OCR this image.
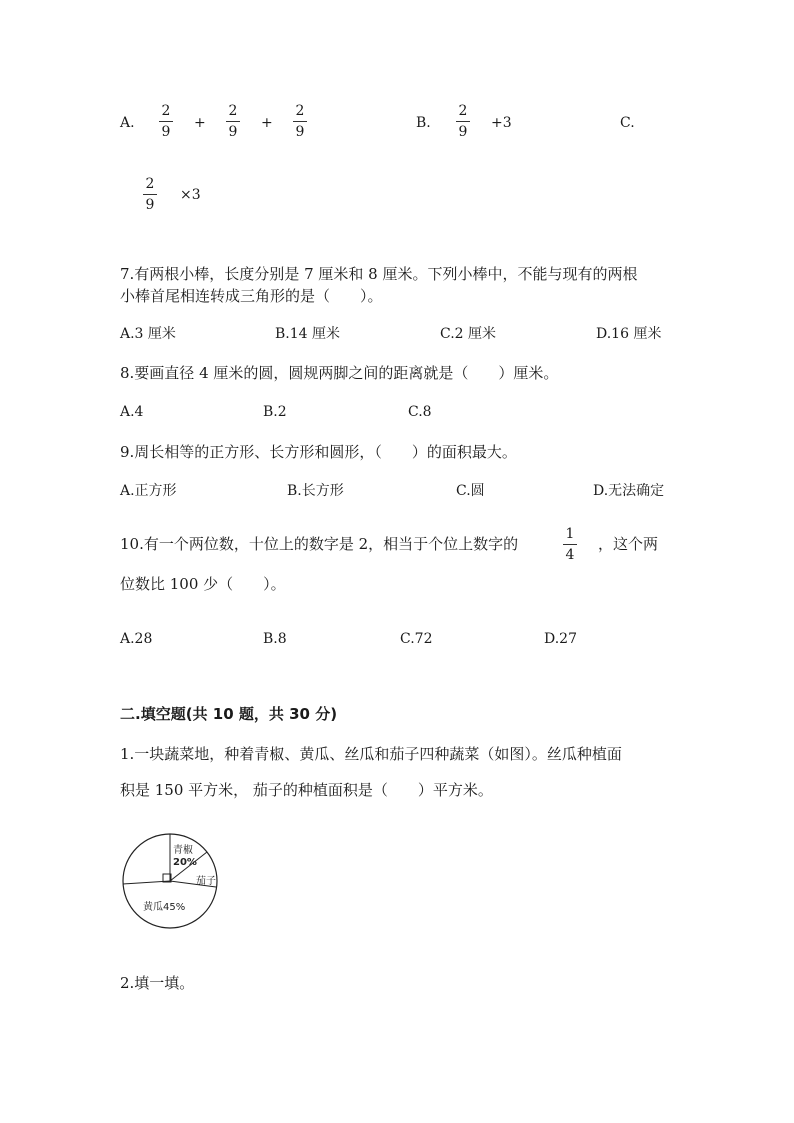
A.
2
9
+
2
9
+
2
9
B.
2
9
+3	C.
2
9
×3
7.有两根小棒，长度分别是 7 厘米和 8 厘米。下列小棒中，不能与现有的两根
小棒首尾相连转成三角形的是（　　）。
A.3 厘米	B.14 厘米	C.2 厘米	D.16 厘米
8.要画直径 4 厘米的圆，圆规两脚之间的距离就是（　　）厘米。
A.4	B.2	C.8
9.周长相等的正方形、长方形和圆形，（　　）的面积最大。
A.正方形	B.长方形	C.圆	D.无法确定
10.有一个两位数，十位上的数字是 2，相当于个位上数字的
1
4
，这个两
位数比 100 少（　　）。
A.28	B.8	C.72	D.27
二.填空题(共 10 题，共 30 分)
1.一块蔬菜地，种着青椒、黄瓜、丝瓜和茄子四种蔬菜（如图）。丝瓜种植面
积是 150 平方米， 茄子的种植面积是（　　）平方米。
青椒
20%
茄子
黄瓜45%
2.填一填。
